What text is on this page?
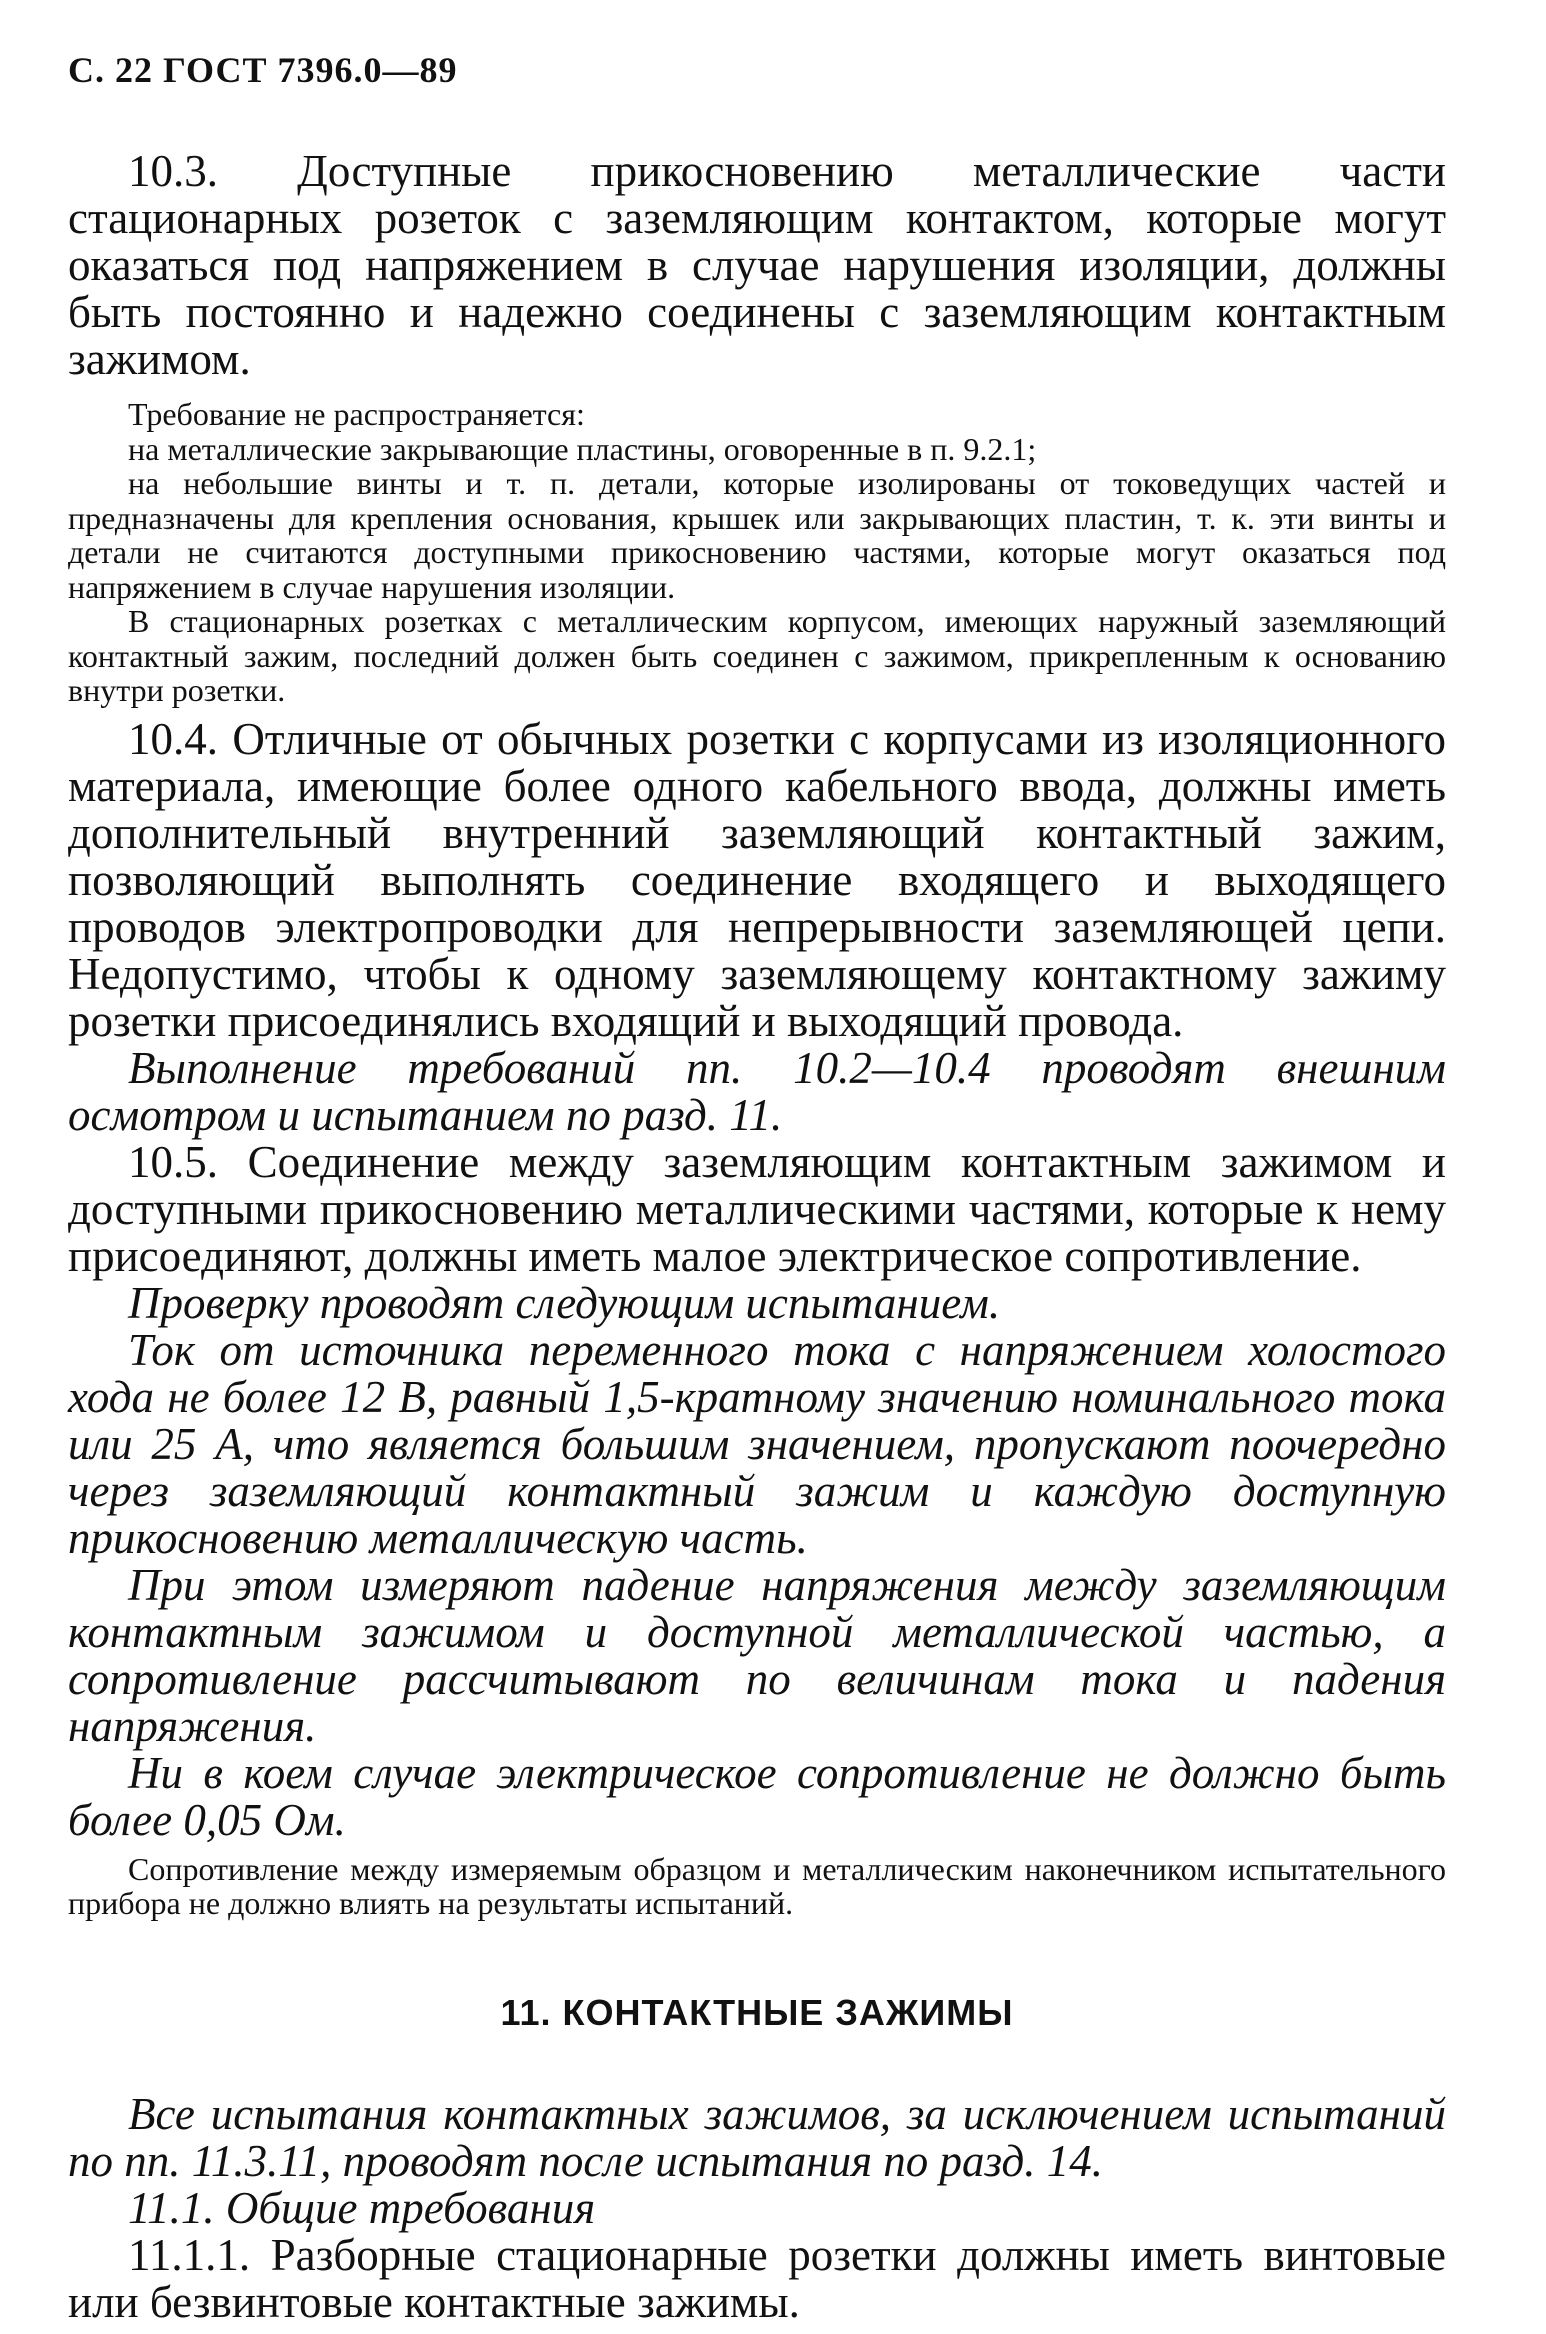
С. 22 ГОСТ 7396.0—89

10.3. Доступные прикосновению металлические части стационарных розеток с заземляющим контактом, которые могут оказаться под напряжением в случае нарушения изоляции, должны быть постоянно и надежно соединены с заземляющим контактным зажимом.

Требование не распространяется:

на металлические закрывающие пластины, оговоренные в п. 9.2.1;

на небольшие винты и т. п. детали, которые изолированы от токоведущих частей и предназначены для крепления основания, крышек или закрывающих пластин, т. к. эти винты и детали не считаются доступными прикосновению частями, которые могут оказаться под напряжением в случае нарушения изоляции.

В стационарных розетках с металлическим корпусом, имеющих наружный заземляющий контактный зажим, последний должен быть соединен с зажимом, прикрепленным к основанию внутри розетки.

10.4. Отличные от обычных розетки с корпусами из изоляционного материала, имеющие более одного кабельного ввода, должны иметь дополнительный внутренний заземляющий контактный зажим, позволяющий выполнять соединение входящего и выходящего проводов электропроводки для непрерывности заземляющей цепи. Недопустимо, чтобы к одному заземляющему контактному зажиму розетки присоединялись входящий и выходящий провода.

Выполнение требований пп. 10.2—10.4 проводят внешним осмотром и испытанием по разд. 11.

10.5. Соединение между заземляющим контактным зажимом и доступными прикосновению металлическими частями, которые к нему присоединяют, должны иметь малое электрическое сопротивление.

Проверку проводят следующим испытанием.

Ток от источника переменного тока с напряжением холостого хода не более 12 В, равный 1,5-кратному значению номинального тока или 25 А, что является большим значением, пропускают поочередно через заземляющий контактный зажим и каждую доступную прикосновению металлическую часть.

При этом измеряют падение напряжения между заземляющим контактным зажимом и доступной металлической частью, а сопротивление рассчитывают по величинам тока и падения напряжения.

Ни в коем случае электрическое сопротивление не должно быть более 0,05 Ом.

Сопротивление между измеряемым образцом и металлическим наконечником испытательного прибора не должно влиять на результаты испытаний.

11. КОНТАКТНЫЕ ЗАЖИМЫ

Все испытания контактных зажимов, за исключением испытаний по пп. 11.3.11, проводят после испытания по разд. 14.

11.1. Общие требования

11.1.1. Разборные стационарные розетки должны иметь винтовые или безвинтовые контактные зажимы.
